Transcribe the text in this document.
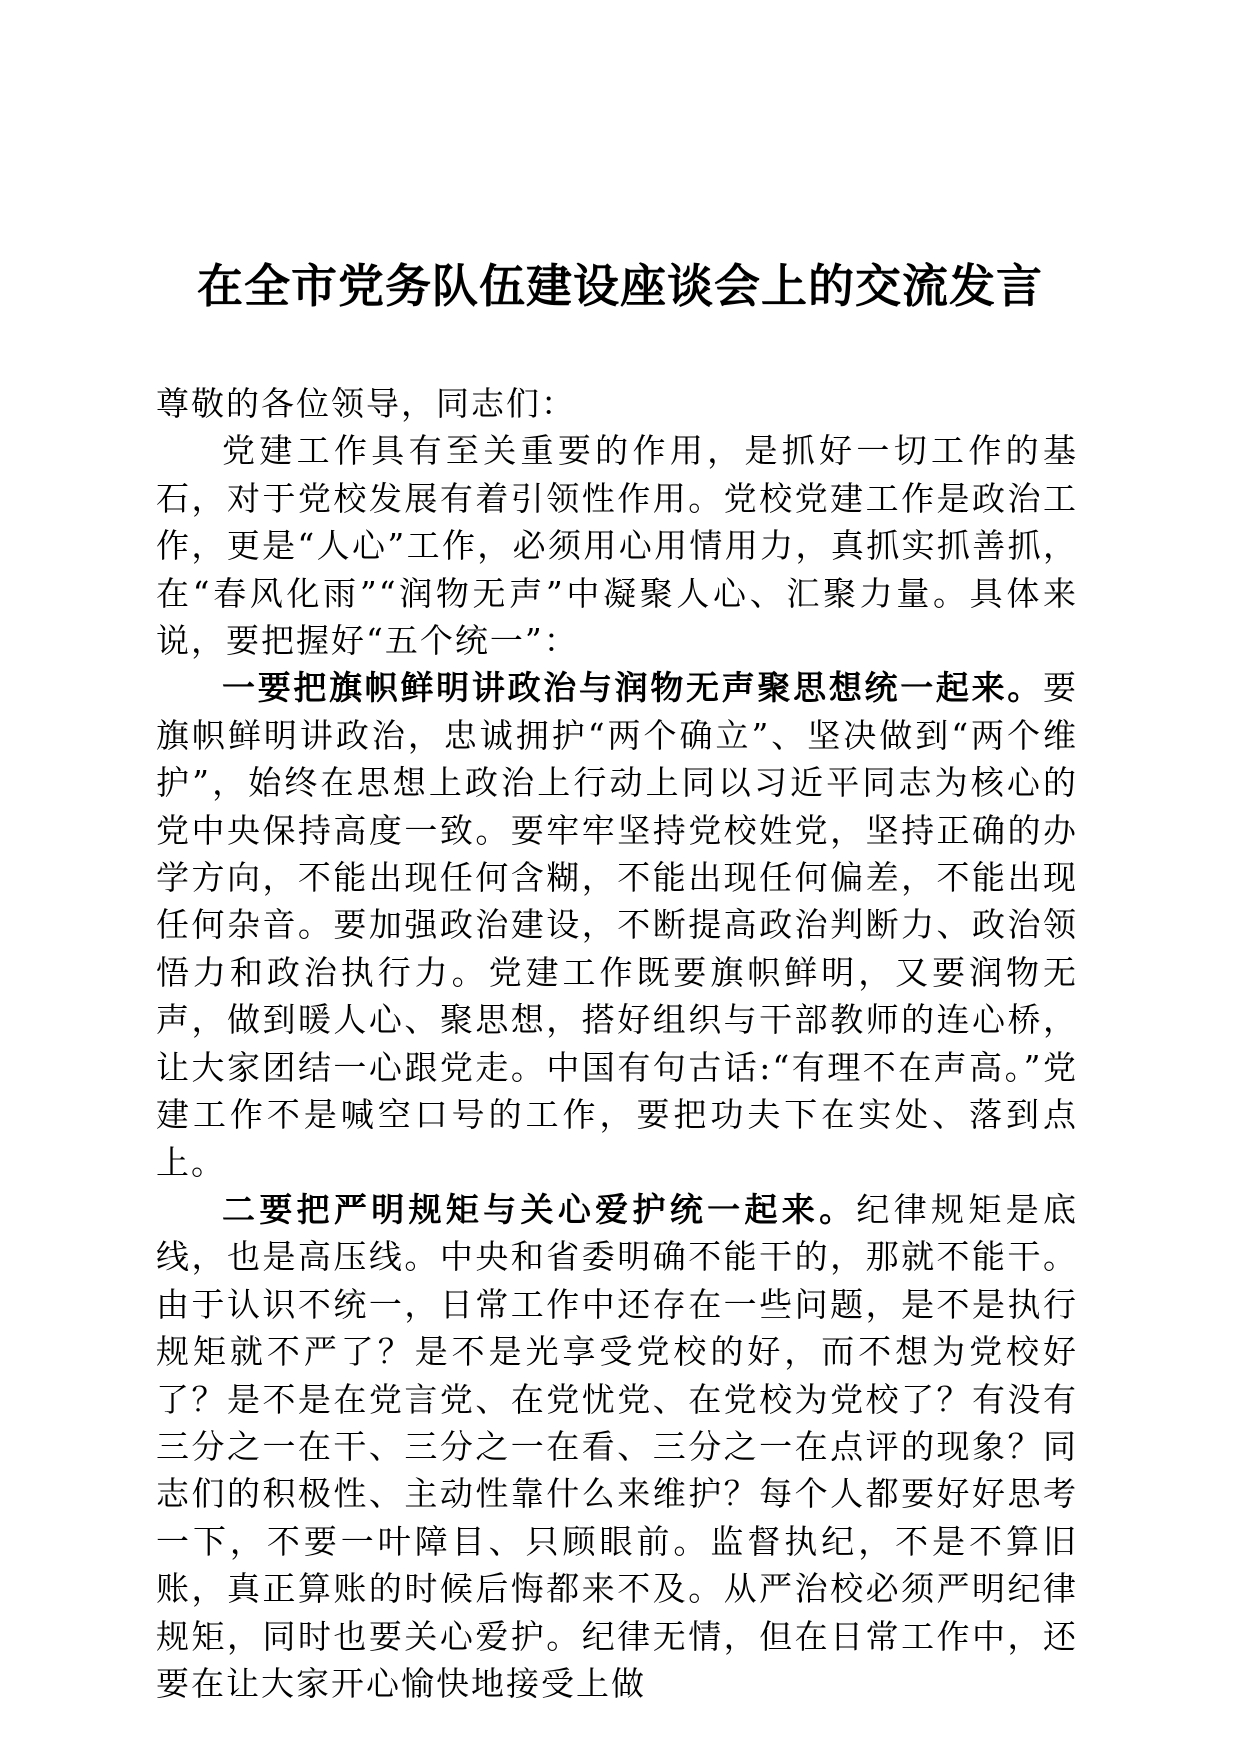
在全市党务队伍建设座谈会上的交流发言

尊敬的各位领导，同志们：

党建工作具有至关重要的作用，是抓好一切工作的基石，对于党校发展有着引领性作用。党校党建工作是政治工作，更是“人心”工作，必须用心用情用力，真抓实抓善抓，在“春风化雨”“润物无声”中凝聚人心、汇聚力量。具体来说，要把握好“五个统一”：

一要把旗帜鲜明讲政治与润物无声聚思想统一起来。要旗帜鲜明讲政治，忠诚拥护“两个确立”、坚决做到“两个维护”，始终在思想上政治上行动上同以习近平同志为核心的党中央保持高度一致。要牢牢坚持党校姓党，坚持正确的办学方向，不能出现任何含糊，不能出现任何偏差，不能出现任何杂音。要加强政治建设，不断提高政治判断力、政治领悟力和政治执行力。党建工作既要旗帜鲜明，又要润物无声，做到暖人心、聚思想，搭好组织与干部教师的连心桥，让大家团结一心跟党走。中国有句古话:“有理不在声高。”党建工作不是喊空口号的工作，要把功夫下在实处、落到点上。

二要把严明规矩与关心爱护统一起来。纪律规矩是底线，也是高压线。中央和省委明确不能干的，那就不能干。由于认识不统一，日常工作中还存在一些问题，是不是执行规矩就不严了？是不是光享受党校的好，而不想为党校好了？是不是在党言党、在党忧党、在党校为党校了？有没有三分之一在干、三分之一在看、三分之一在点评的现象？同志们的积极性、主动性靠什么来维护？每个人都要好好思考一下，不要一叶障目、只顾眼前。监督执纪，不是不算旧账，真正算账的时候后悔都来不及。从严治校必须严明纪律规矩，同时也要关心爱护。纪律无情，但在日常工作中，还要在让大家开心愉快地接受上做
